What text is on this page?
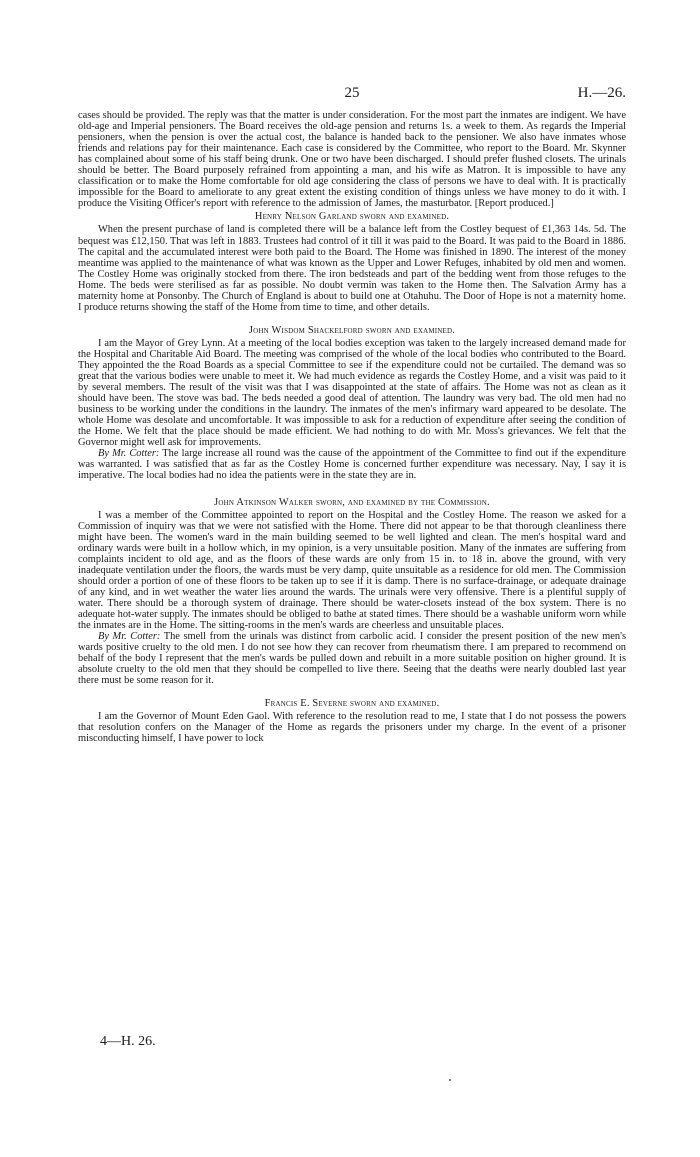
25	H.—26.

cases should be provided. The reply was that the matter is under consideration. For the most part the inmates are indigent. We have old-age and Imperial pensioners. The Board receives the old-age pension and returns 1s. a week to them. As regards the Imperial pensioners, when the pension is over the actual cost, the balance is handed back to the pensioner. We also have inmates whose friends and relations pay for their maintenance. Each case is considered by the Committee, who report to the Board. Mr. Skynner has complained about some of his staff being drunk. One or two have been discharged. I should prefer flushed closets. The urinals should be better. The Board purposely refrained from appointing a man, and his wife as Matron. It is impossible to have any classification or to make the Home comfortable for old age considering the class of persons we have to deal with. It is practically impossible for the Board to ameliorate to any great extent the existing condition of things unless we have money to do it with. I produce the Visiting Officer's report with reference to the admission of James, the masturbator. [Report produced.]

Henry Nelson Garland sworn and examined.

When the present purchase of land is completed there will be a balance left from the Costley bequest of £1,363 14s. 5d. The bequest was £12,150. That was left in 1883. Trustees had control of it till it was paid to the Board. It was paid to the Board in 1886. The capital and the accumulated interest were both paid to the Board. The Home was finished in 1890. The interest of the money meantime was applied to the maintenance of what was known as the Upper and Lower Refuges, inhabited by old men and women. The Costley Home was originally stocked from there. The iron bedsteads and part of the bedding went from those refuges to the Home. The beds were sterilised as far as possible. No doubt vermin was taken to the Home then. The Salvation Army has a maternity home at Ponsonby. The Church of England is about to build one at Otahuhu. The Door of Hope is not a maternity home. I produce returns showing the staff of the Home from time to time, and other details.

John Wisdom Shackelford sworn and examined.

I am the Mayor of Grey Lynn. At a meeting of the local bodies exception was taken to the largely increased demand made for the Hospital and Charitable Aid Board. The meeting was comprised of the whole of the local bodies who contributed to the Board. They appointed the the Road Boards as a special Committee to see if the expenditure could not be curtailed. The demand was so great that the various bodies were unable to meet it. We had much evidence as regards the Costley Home, and a visit was paid to it by several members. The result of the visit was that I was disappointed at the state of affairs. The Home was not as clean as it should have been. The stove was bad. The beds needed a good deal of attention. The laundry was very bad. The old men had no business to be working under the conditions in the laundry. The inmates of the men's infirmary ward appeared to be desolate. The whole Home was desolate and uncomfortable. It was impossible to ask for a reduction of expenditure after seeing the condition of the Home. We felt that the place should be made efficient. We had nothing to do with Mr. Moss's grievances. We felt that the Governor might well ask for improvements.

By Mr. Cotter: The large increase all round was the cause of the appointment of the Committee to find out if the expenditure was warranted. I was satisfied that as far as the Costley Home is concerned further expenditure was necessary. Nay, I say it is imperative. The local bodies had no idea the patients were in the state they are in.

John Atkinson Walker sworn, and examined by the Commission.

I was a member of the Committee appointed to report on the Hospital and the Costley Home. The reason we asked for a Commission of inquiry was that we were not satisfied with the Home. There did not appear to be that thorough cleanliness there might have been. The women's ward in the main building seemed to be well lighted and clean. The men's hospital ward and ordinary wards were built in a hollow which, in my opinion, is a very unsuitable position. Many of the inmates are suffering from complaints incident to old age, and as the floors of these wards are only from 15 in. to 18 in. above the ground, with very inadequate ventilation under the floors, the wards must be very damp, quite unsuitable as a residence for old men. The Commission should order a portion of one of these floors to be taken up to see if it is damp. There is no surface-drainage, or adequate drainage of any kind, and in wet weather the water lies around the wards. The urinals were very offensive. There is a plentiful supply of water. There should be a thorough system of drainage. There should be water-closets instead of the box system. There is no adequate hot-water supply. The inmates should be obliged to bathe at stated times. There should be a washable uniform worn while the inmates are in the Home. The sitting-rooms in the men's wards are cheerless and unsuitable places.

By Mr. Cotter: The smell from the urinals was distinct from carbolic acid. I consider the present position of the new men's wards positive cruelty to the old men. I do not see how they can recover from rheumatism there. I am prepared to recommend on behalf of the body I represent that the men's wards be pulled down and rebuilt in a more suitable position on higher ground. It is absolute cruelty to the old men that they should be compelled to live there. Seeing that the deaths were nearly doubled last year there must be some reason for it.

Francis E. Severne sworn and examined.

I am the Governor of Mount Eden Gaol. With reference to the resolution read to me, I state that I do not possess the powers that resolution confers on the Manager of the Home as regards the prisoners under my charge. In the event of a prisoner misconducting himself, I have power to lock

4—H. 26.
